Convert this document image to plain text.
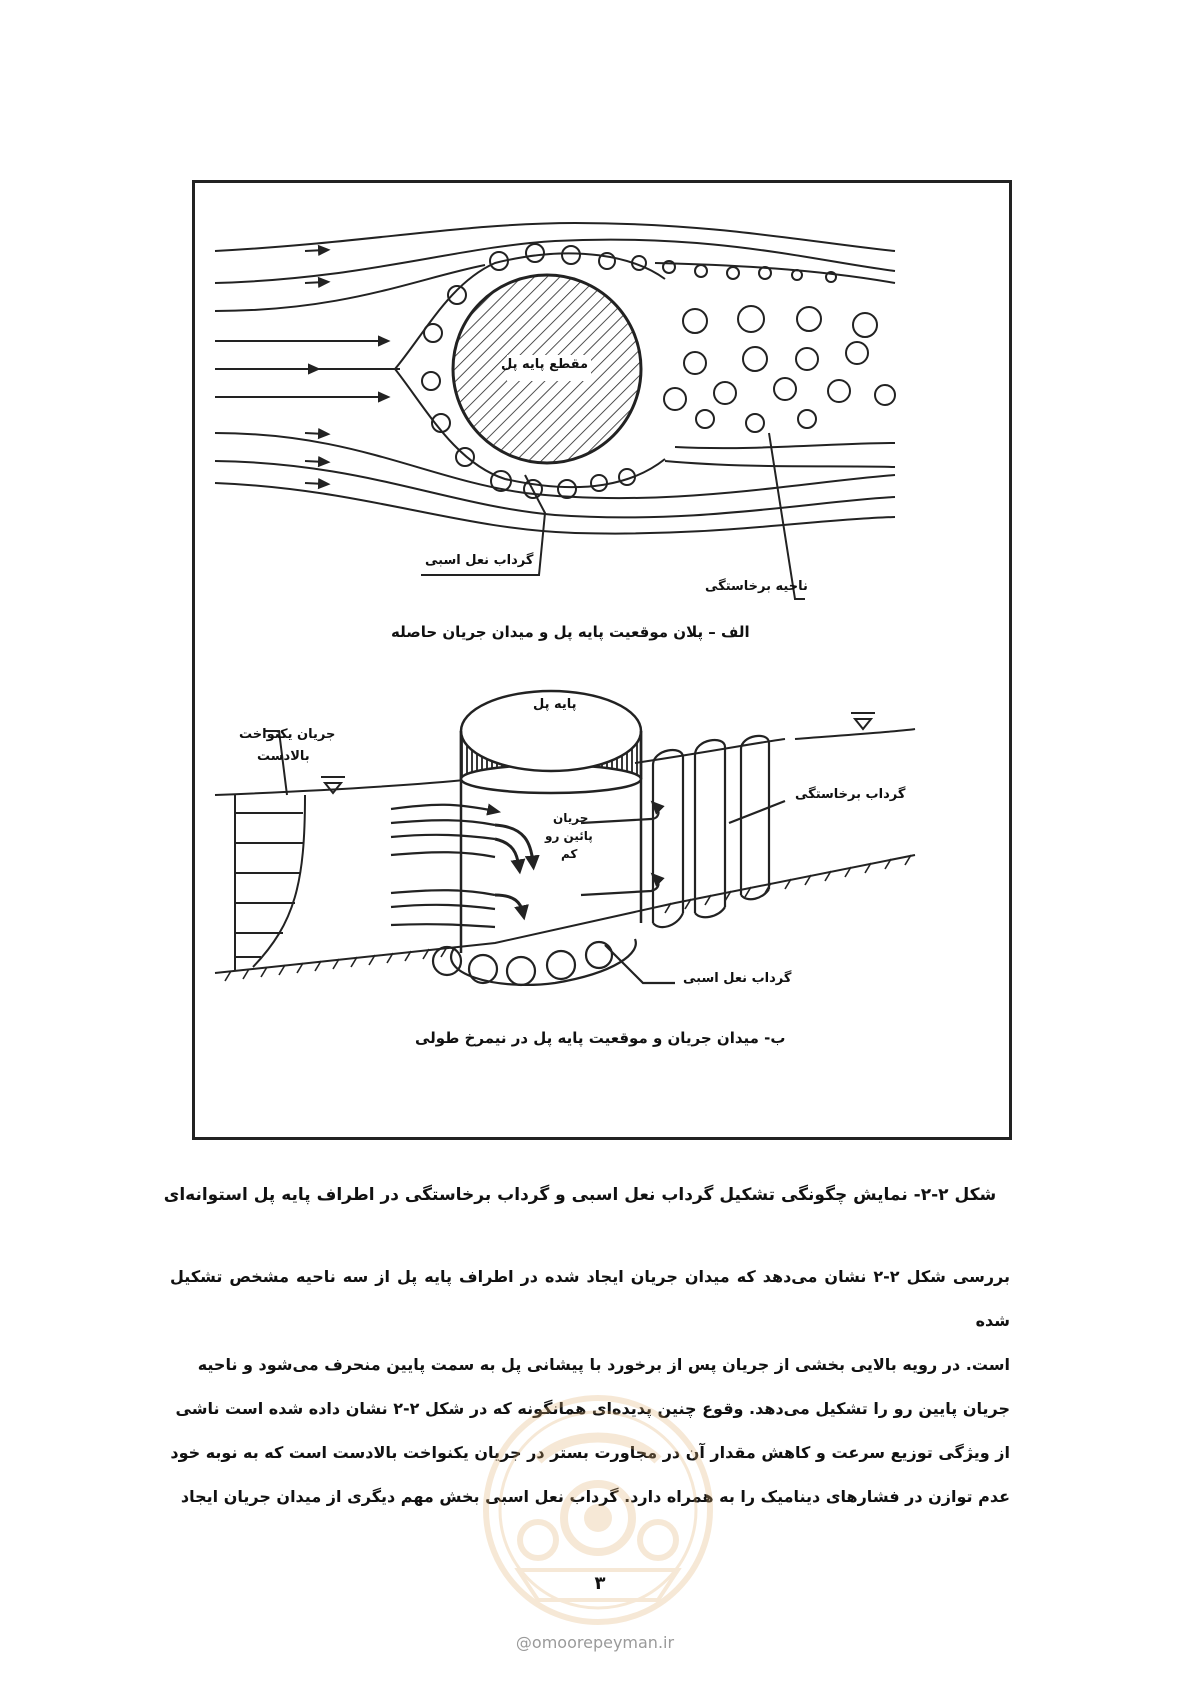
مقطع پایه پل
گرداب نعل اسبی
ناحیه برخاستگی
الف – پلان موقعیت پایه پل و میدان جریان حاصله
جریان یکنواخت
بالادست
پایه پل
جریان
پائین رو
کم
گرداب برخاستگی
گرداب نعل اسبی
ب- میدان جریان و موقعیت پایه پل در نیمرخ طولی
شکل ۲-۲- نمایش چگونگی تشکیل گرداب نعل اسبی و گرداب برخاستگی در اطراف پایه پل استوانه‌ای

بررسی شکل ۲-۲ نشان می‌دهد که میدان جریان ایجاد شده در اطراف پایه پل از سه ناحیه مشخص تشکیل شده

است. در رویه بالایی بخشی از جریان پس از برخورد با پیشانی پل به سمت پایین منحرف می‌شود و ناحیه

جریان پایین رو را تشکیل می‌دهد. وقوع چنین پدیده‌ای همانگونه که در شکل ۲-۲ نشان داده شده است ناشی

از ویژگی توزیع سرعت و کاهش مقدار آن در مجاورت بستر در جریان یکنواخت بالادست است که به نوبه خود

عدم توازن در فشارهای دینامیک را به همراه دارد. گرداب نعل اسبی بخش مهم دیگری از میدان جریان ایجاد

۳
@omoorepeyman.ir
